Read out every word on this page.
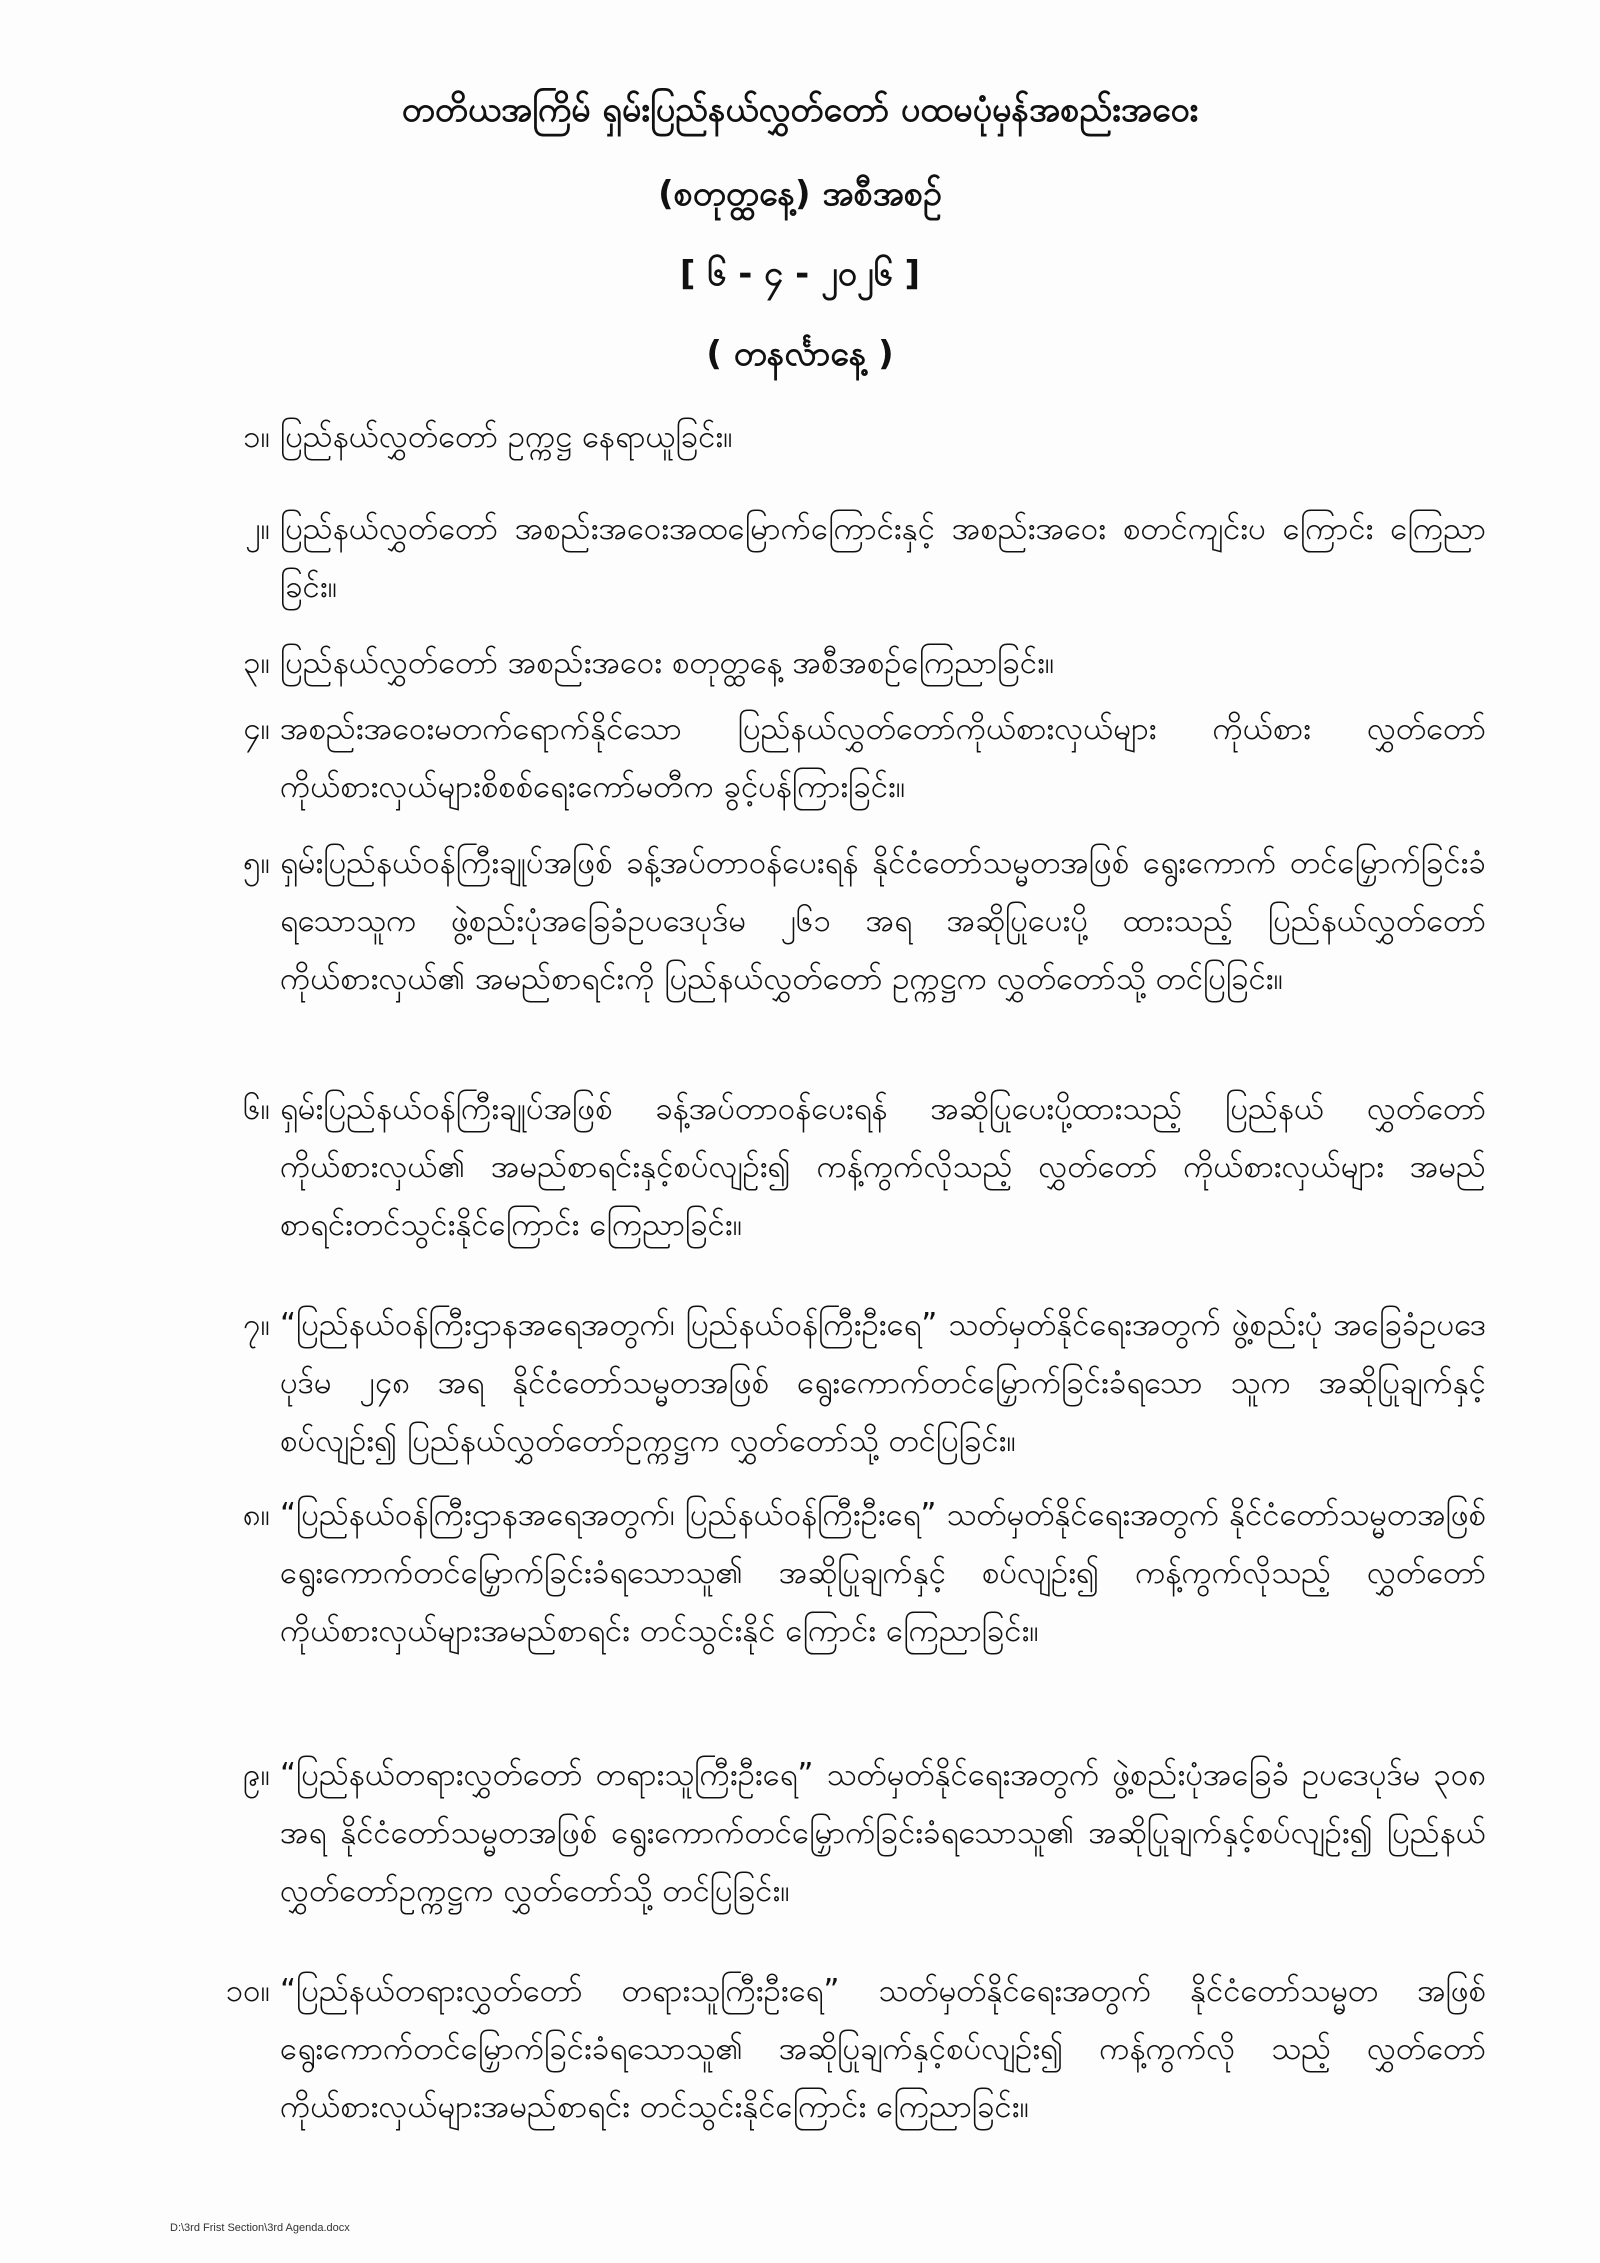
တတိယအကြိမ် ရှမ်းပြည်နယ်လွှတ်တော် ပထမပုံမှန်အစည်းအဝေး
(စတုတ္ထနေ့) အစီအစဉ်
[ ၆ - ၄ - ၂၀၂၆ ]
( တနင်္လာနေ့ )
၁။ ပြည်နယ်လွှတ်တော် ဥက္ကဋ္ဌ နေရာယူခြင်း။
၂။ ပြည်နယ်လွှတ်တော် အစည်းအဝေးအထမြောက်ကြောင်းနှင့် အစည်းအဝေး စတင်ကျင်းပ ကြောင်း ကြေညာခြင်း။
၃။ ပြည်နယ်လွှတ်တော် အစည်းအဝေး စတုတ္ထနေ့ အစီအစဉ်ကြေညာခြင်း။
၄။ အစည်းအဝေးမတက်ရောက်နိုင်သော ပြည်နယ်လွှတ်တော်ကိုယ်စားလှယ်များ ကိုယ်စား လွှတ်တော်ကိုယ်စားလှယ်များစိစစ်ရေးကော်မတီက ခွင့်ပန်ကြားခြင်း။
၅။ ရှမ်းပြည်နယ်ဝန်ကြီးချုပ်အဖြစ် ခန့်အပ်တာဝန်ပေးရန် နိုင်ငံတော်သမ္မတအဖြစ် ရွေးကောက် တင်မြှောက်ခြင်းခံရသောသူက ဖွဲ့စည်းပုံအခြေခံဥပဒေပုဒ်မ ၂၆၁ အရ အဆိုပြုပေးပို့ ထားသည့် ပြည်နယ်လွှတ်တော်ကိုယ်စားလှယ်၏ အမည်စာရင်းကို ပြည်နယ်လွှတ်တော် ဥက္ကဋ္ဌက လွှတ်တော်သို့ တင်ပြခြင်း။
၆။ ရှမ်းပြည်နယ်ဝန်ကြီးချုပ်အဖြစ် ခန့်အပ်တာဝန်ပေးရန် အဆိုပြုပေးပို့ထားသည့် ပြည်နယ် လွှတ်တော်ကိုယ်စားလှယ်၏ အမည်စာရင်းနှင့်စပ်လျဉ်း၍ ကန့်ကွက်လိုသည့် လွှတ်တော် ကိုယ်စားလှယ်များ အမည်စာရင်းတင်သွင်းနိုင်ကြောင်း ကြေညာခြင်း။
၇။ “ပြည်နယ်ဝန်ကြီးဌာနအရေအတွက်၊ ပြည်နယ်ဝန်ကြီးဦးရေ” သတ်မှတ်နိုင်ရေးအတွက် ဖွဲ့စည်းပုံ အခြေခံဥပဒေ ပုဒ်မ ၂၄၈ အရ နိုင်ငံတော်သမ္မတအဖြစ် ရွေးကောက်တင်မြှောက်ခြင်းခံရသော သူက အဆိုပြုချက်နှင့်စပ်လျဉ်း၍ ပြည်နယ်လွှတ်တော်ဥက္ကဋ္ဌက လွှတ်တော်သို့ တင်ပြခြင်း။
၈။ “ပြည်နယ်ဝန်ကြီးဌာနအရေအတွက်၊ ပြည်နယ်ဝန်ကြီးဦးရေ” သတ်မှတ်နိုင်ရေးအတွက် နိုင်ငံတော်သမ္မတအဖြစ် ရွေးကောက်တင်မြှောက်ခြင်းခံရသောသူ၏ အဆိုပြုချက်နှင့် စပ်လျဉ်း၍ ကန့်ကွက်လိုသည့် လွှတ်တော်ကိုယ်စားလှယ်များအမည်စာရင်း တင်သွင်းနိုင် ကြောင်း ကြေညာခြင်း။
၉။ “ပြည်နယ်တရားလွှတ်တော် တရားသူကြီးဦးရေ” သတ်မှတ်နိုင်ရေးအတွက် ဖွဲ့စည်းပုံအခြေခံ ဥပဒေပုဒ်မ ၃၀၈ အရ နိုင်ငံတော်သမ္မတအဖြစ် ရွေးကောက်တင်မြှောက်ခြင်းခံရသောသူ၏ အဆိုပြုချက်နှင့်စပ်လျဉ်း၍ ပြည်နယ်လွှတ်တော်ဥက္ကဋ္ဌက လွှတ်တော်သို့ တင်ပြခြင်း။
၁၀။ “ပြည်နယ်တရားလွှတ်တော် တရားသူကြီးဦးရေ” သတ်မှတ်နိုင်ရေးအတွက် နိုင်ငံတော်သမ္မတ အဖြစ် ရွေးကောက်တင်မြှောက်ခြင်းခံရသောသူ၏ အဆိုပြုချက်နှင့်စပ်လျဉ်း၍ ကန့်ကွက်လို သည့် လွှတ်တော်ကိုယ်စားလှယ်များအမည်စာရင်း တင်သွင်းနိုင်ကြောင်း ကြေညာခြင်း။
D:\3rd Frist Section\3rd Agenda.docx
